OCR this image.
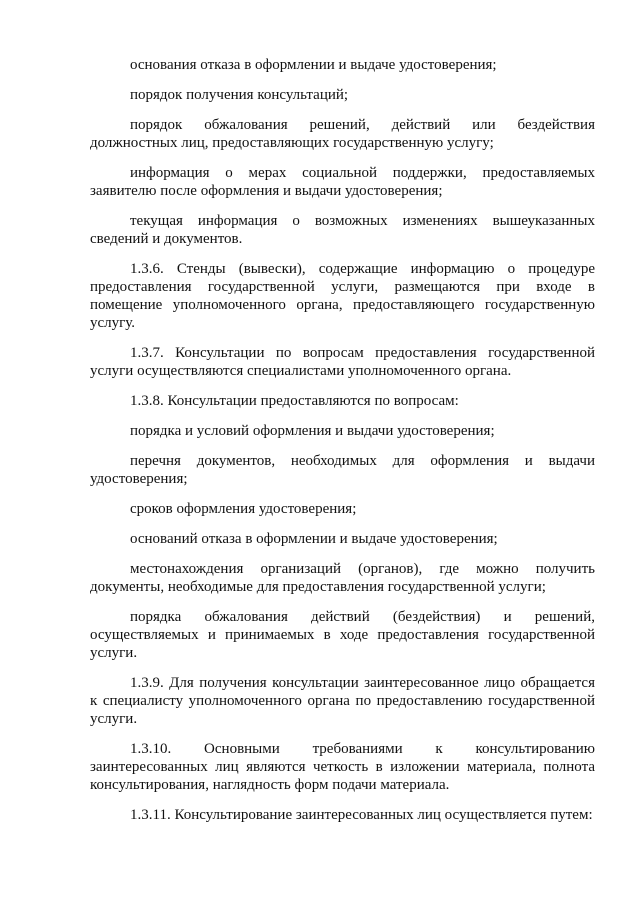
основания отказа в оформлении и выдаче удостоверения;

порядок получения консультаций;

порядок обжалования решений, действий или бездействия должностных лиц, предоставляющих государственную услугу;

информация о мерах социальной поддержки, предоставляемых заявителю после оформления и выдачи удостоверения;

текущая информация о возможных изменениях вышеуказанных сведений и документов.

1.3.6. Стенды (вывески), содержащие информацию о процедуре предоставления государственной услуги, размещаются при входе в помещение уполномоченного органа, предоставляющего государственную услугу.

1.3.7. Консультации по вопросам предоставления государственной услуги осуществляются специалистами уполномоченного органа.

1.3.8. Консультации предоставляются по вопросам:

порядка и условий оформления и выдачи удостоверения;

перечня документов, необходимых для оформления и выдачи удостоверения;

сроков оформления удостоверения;

оснований отказа в оформлении и выдаче удостоверения;

местонахождения организаций (органов), где можно получить документы, необходимые для предоставления государственной услуги;

порядка обжалования действий (бездействия) и решений, осуществляемых и принимаемых в ходе предоставления государственной услуги.

1.3.9. Для получения консультации заинтересованное лицо обращается к специалисту уполномоченного органа по предоставлению государственной услуги.

1.3.10. Основными требованиями к консультированию заинтересованных лиц являются четкость в изложении материала, полнота консультирования, наглядность форм подачи материала.

1.3.11. Консультирование заинтересованных лиц осуществляется путем:
